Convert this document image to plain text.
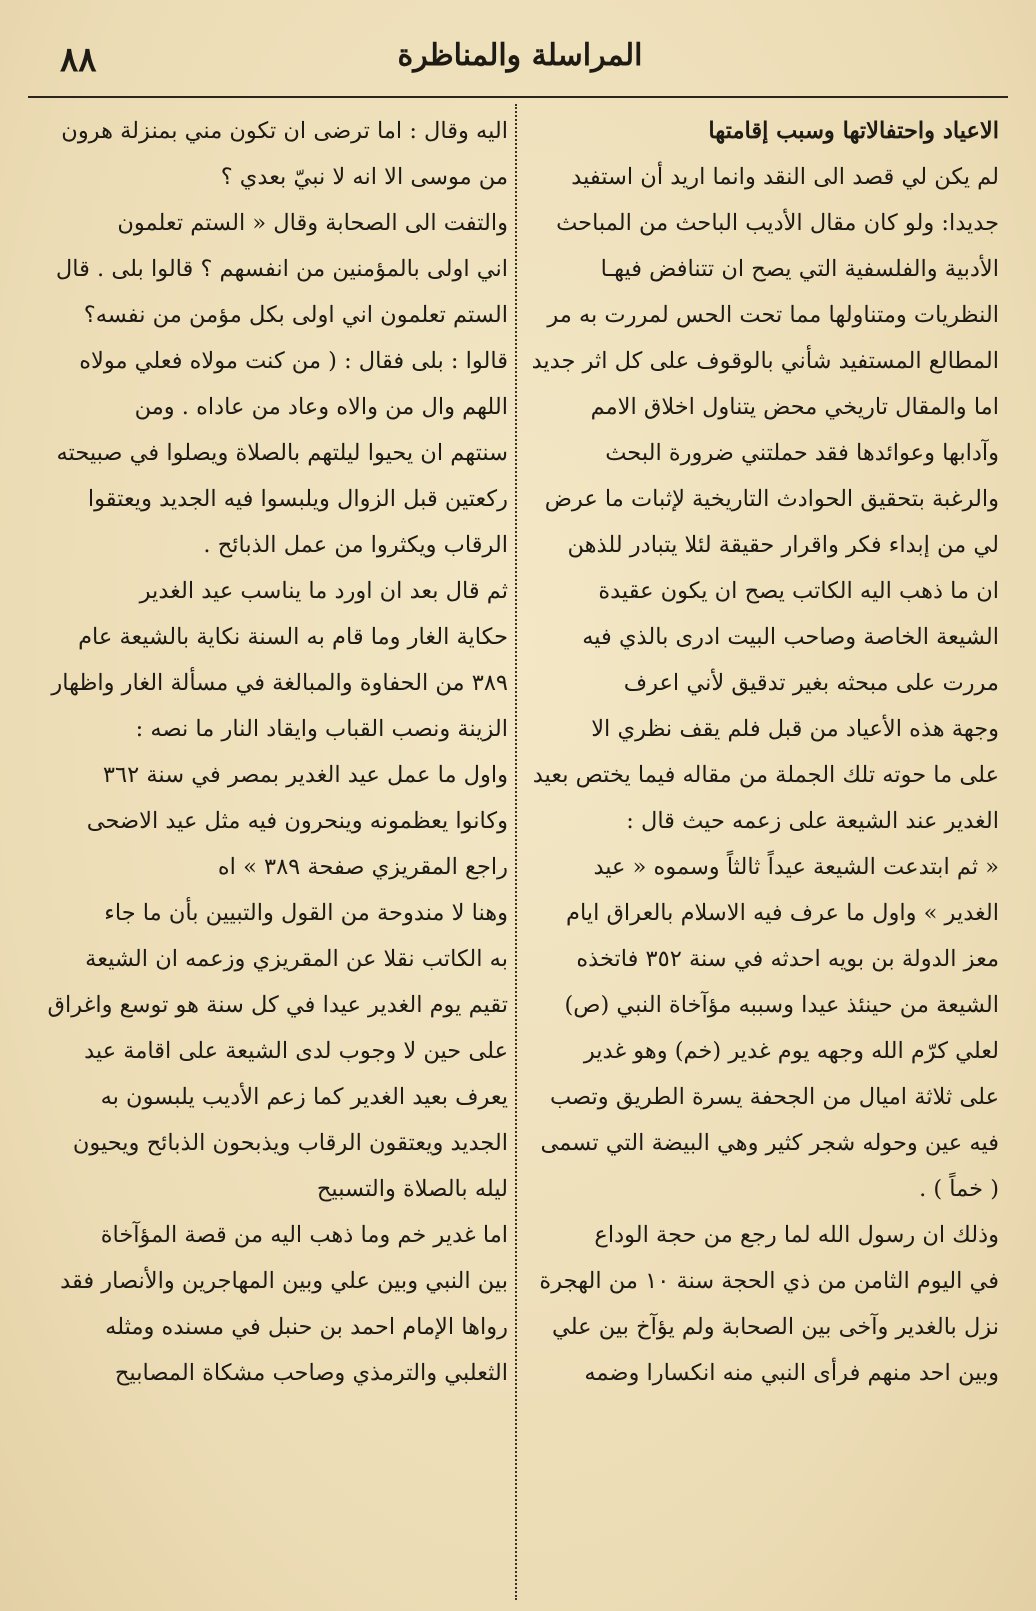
٨٨	المراسلة والمناظرة

الاعياد واحتفالاتها وسبب إقامتها

لم يكن لي قصد الى النقد وانما اريد أن استفيد

جديدا: ولو كان مقال الأديب الباحث من المباحث

الأدبية والفلسفية التي يصح ان تتنافض فيهـا

النظريات ومتناولها مما تحت الحس لمررت به مر

المطالع المستفيد شأني بالوقوف على كل اثر جديد

اما والمقال تاريخي محض يتناول اخلاق الامم

وآدابها وعوائدها فقد حملتني ضرورة البحث

والرغبة بتحقيق الحوادث التاريخية لإثبات ما عرض

لي من إبداء فكر واقرار حقيقة لئلا يتبادر للذهن

ان ما ذهب اليه الكاتب يصح ان يكون عقيدة

الشيعة الخاصة وصاحب البيت ادرى بالذي فيه

مررت على مبحثه بغير تدقيق لأني اعرف

وجهة هذه الأعياد من قبل فلم يقف نظري الا

على ما حوته تلك الجملة من مقاله فيما يختص بعيد

الغدير عند الشيعة على زعمه حيث قال :

« ثم ابتدعت الشيعة عيداً ثالثاً وسموه « عيد

الغدير » واول ما عرف فيه الاسلام بالعراق ايام

معز الدولة بن بويه احدثه في سنة ٣٥٢ فاتخذه

الشيعة من حينئذ عيدا وسببه مؤآخاة النبي (ص)

لعلي كرّم الله وجهه يوم غدير (خم) وهو غدير

على ثلاثة اميال من الجحفة يسرة الطريق وتصب

فيه عين وحوله شجر كثير وهي البيضة التي تسمى

( خماً ) .

وذلك ان رسول الله لما رجع من حجة الوداع

في اليوم الثامن من ذي الحجة سنة ١٠ من الهجرة

نزل بالغدير وآخى بين الصحابة ولم يؤآخ بين علي

وبين احد منهم فرأى النبي منه انكسارا وضمه

اليه وقال : اما ترضى ان تكون مني بمنزلة هرون

من موسى الا انه لا نبيّ بعدي ؟

والتفت الى الصحابة وقال « الستم تعلمون

اني اولى بالمؤمنين من انفسهم ؟ قالوا بلى . قال

الستم تعلمون اني اولى بكل مؤمن من نفسه؟

قالوا : بلى فقال : ( من كنت مولاه فعلي مولاه

اللهم وال من والاه وعاد من عاداه . ومن

سنتهم ان يحيوا ليلتهم بالصلاة ويصلوا في صبيحته

ركعتين قبل الزوال ويلبسوا فيه الجديد ويعتقوا

الرقاب ويكثروا من عمل الذبائح .

ثم قال بعد ان اورد ما يناسب عيد الغدير

حكاية الغار وما قام به السنة نكاية بالشيعة عام

٣٨٩ من الحفاوة والمبالغة في مسألة الغار واظهار

الزينة ونصب القباب وايقاد النار ما نصه :

واول ما عمل عيد الغدير بمصر في سنة ٣٦٢

وكانوا يعظمونه وينحرون فيه مثل عيد الاضحى

راجع المقريزي صفحة ٣٨٩ » اه

وهنا لا مندوحة من القول والتبيين بأن ما جاء

به الكاتب نقلا عن المقريزي وزعمه ان الشيعة

تقيم يوم الغدير عيدا في كل سنة هو توسع واغراق

على حين لا وجوب لدى الشيعة على اقامة عيد

يعرف بعيد الغدير كما زعم الأديب يلبسون به

الجديد ويعتقون الرقاب ويذبحون الذبائح ويحيون

ليله بالصلاة والتسبيح

اما غدير خم وما ذهب اليه من قصة المؤآخاة

بين النبي وبين علي وبين المهاجرين والأنصار فقد

رواها الإمام احمد بن حنبل في مسنده ومثله

الثعلبي والترمذي وصاحب مشكاة المصابيح
